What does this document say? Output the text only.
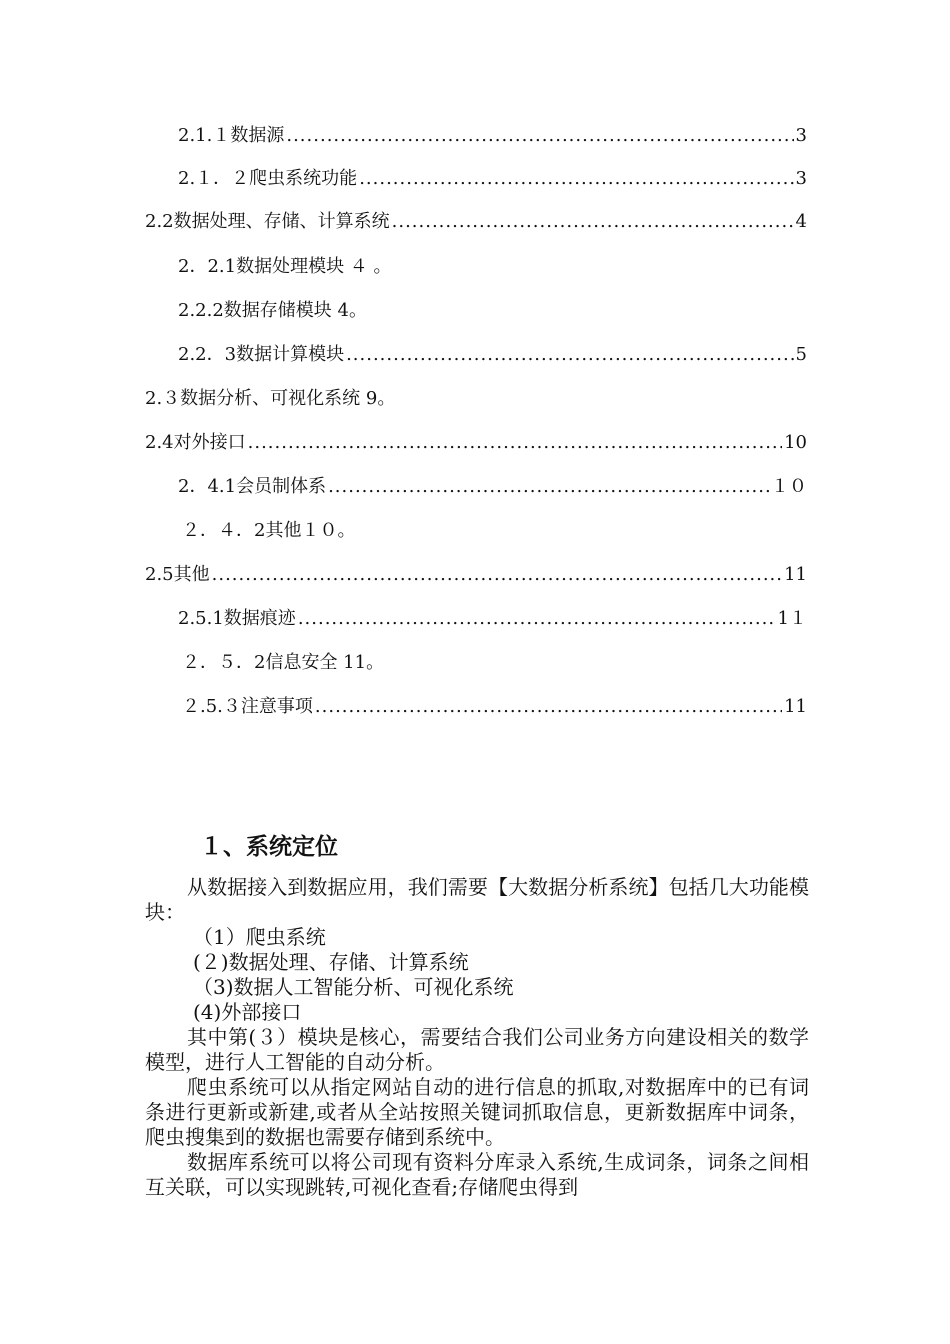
2.1.１数据源 .....	3
2.１．２爬虫系统功能 .....	3
2.2数据处理、存储、计算系统 .....	4
2．2.1数据处理模块 ４ ｡
2.2.2数据存储模块 4｡
2.2．3数据计算模块 .....	5
2.３数据分析、可视化系统 9｡
2.4对外接口 .....	10
2．4.1会员制体系 .....	１０
２．４．2其他１０｡
2.5其他 .....	11
2.5.1数据痕迹 .....	1１
２．５．2信息安全 11｡
２.5.３注意事项 .....	11
１、系统定位

从数据接入到数据应用，我们需要【大数据分析系统】包括几大功能模块：

（1）爬虫系统

(２)数据处理、存储、计算系统

（3)数据人工智能分析、可视化系统

(4)外部接口

其中第(３）模块是核心，需要结合我们公司业务方向建设相关的数学模型，进行人工智能的自动分析。

爬虫系统可以从指定网站自动的进行信息的抓取,对数据库中的已有词条进行更新或新建,或者从全站按照关键词抓取信息，更新数据库中词条，爬虫搜集到的数据也需要存储到系统中。

数据库系统可以将公司现有资料分库录入系统,生成词条，词条之间相互关联，可以实现跳转,可视化查看;存储爬虫得到
